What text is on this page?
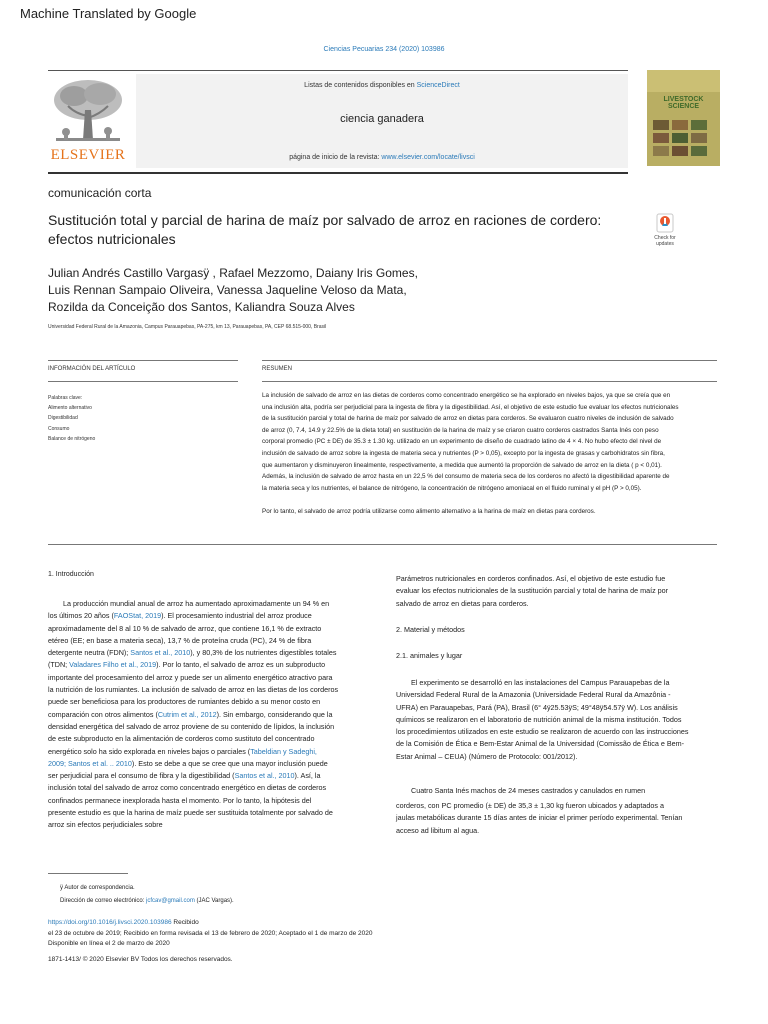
Machine Translated by Google
Ciencias Pecuarias 234 (2020) 103986
ELSEVIER
Listas de contenidos disponibles en ScienceDirect
ciencia ganadera
página de inicio de la revista: www.elsevier.com/locate/livsci
LIVESTOCK
SCIENCE
comunicación corta
Sustitución total y parcial de harina de maíz por salvado de arroz en raciones de cordero:
efectos nutricionales	Check for
updates
Julian Andrés Castillo Vargasÿ , Rafael Mezzomo, Daiany Iris Gomes,
Luis Rennan Sampaio Oliveira, Vanessa Jaqueline Veloso da Mata,
Rozilda da Conceição dos Santos, Kaliandra Souza Alves
Universidad Federal Rural de la Amazonia, Campus Parauapebas, PA-275, km 13, Parauapebas, PA, CEP 68.515-000, Brasil
INFORMACIÓN DEL ARTÍCULO	RESUMEN
Palabras clave:
Alimento alternativo
Digestibilidad
Consumo
Balance de nitrógeno

La inclusión de salvado de arroz en las dietas de corderos como concentrado energético se ha explorado en niveles bajos, ya que se creía que en
una inclusión alta, podría ser perjudicial para la ingesta de fibra y la digestibilidad. Así, el objetivo de este estudio fue evaluar los efectos nutricionales
de la sustitución parcial y total de harina de maíz por salvado de arroz en dietas para corderos. Se evaluaron cuatro niveles de inclusión de salvado
de arroz (0, 7.4, 14.9 y 22.5% de la dieta total) en sustitución de la harina de maíz y se criaron cuatro corderos castrados Santa Inés con peso
corporal promedio (PC ± DE) de 35.3 ± 1.30 kg. utilizado en un experimento de diseño de cuadrado latino de 4 × 4. No hubo efecto del nivel de
inclusión de salvado de arroz sobre la ingesta de materia seca y nutrientes (P > 0,05), excepto por la ingesta de grasas y carbohidratos sin fibra,
que aumentaron y disminuyeron linealmente, respectivamente, a medida que aumentó la proporción de salvado de arroz en la dieta ( p < 0,01).
Además, la inclusión de salvado de arroz hasta en un 22,5 % del consumo de materia seca de los corderos no afectó la digestibilidad aparente de
la materia seca y los nutrientes, el balance de nitrógeno, la concentración de nitrógeno amoniacal en el fluido ruminal y el pH (P > 0,05).

Por lo tanto, el salvado de arroz podría utilizarse como alimento alternativo a la harina de maíz en dietas para corderos.

1. Introducción
La producción mundial anual de arroz ha aumentado aproximadamente un 94 % en
los últimos 20 años (FAOStat, 2019). El procesamiento industrial del arroz produce
aproximadamente del 8 al 10 % de salvado de arroz, que contiene 16,1 % de extracto
etéreo (EE; en base a materia seca), 13,7 % de proteína cruda (PC), 24 % de fibra
detergente neutra (FDN); Santos et al., 2010), y 80,3% de los nutrientes digestibles totales
(TDN; Valadares Filho et al., 2019). Por lo tanto, el salvado de arroz es un subproducto
importante del procesamiento del arroz y puede ser un alimento energético atractivo para
la nutrición de los rumiantes. La inclusión de salvado de arroz en las dietas de los corderos
puede ser beneficiosa para los productores de rumiantes debido a su menor costo en
comparación con otros alimentos (Cutrim et al., 2012). Sin embargo, considerando que la
densidad energética del salvado de arroz proviene de su contenido de lípidos, la inclusión
de este subproducto en la alimentación de corderos como sustituto del concentrado
energético solo ha sido explorada en niveles bajos o parciales (Tabeldian y Sadeghi,
2009; Santos et al. .. 2010). Esto se debe a que se cree que una mayor inclusión puede
ser perjudicial para el consumo de fibra y la digestibilidad (Santos et al., 2010). Así, la
inclusión total del salvado de arroz como concentrado energético en dietas de corderos
confinados permanece inexplorada hasta el momento. Por lo tanto, la hipótesis del
presente estudio es que la harina de maíz puede ser sustituida totalmente por salvado de
arroz sin efectos perjudiciales sobre
Parámetros nutricionales en corderos confinados. Así, el objetivo de este estudio fue
evaluar los efectos nutricionales de la sustitución parcial y total de harina de maíz por
salvado de arroz en dietas para corderos.
2. Material y métodos
2.1. animales y lugar
El experimento se desarrolló en las instalaciones del Campus Parauapebas de la
Universidad Federal Rural de la Amazonia (Universidade Federal Rural da Amazônia -
UFRA) en Parauapebas, Pará (PA), Brasil (6° 4ÿ25.53ÿS; 49°48ÿ54.57ÿ W). Los análisis
químicos se realizaron en el laboratorio de nutrición animal de la misma institución. Todos
los procedimientos utilizados en este estudio se realizaron de acuerdo con las instrucciones
de la Comisión de Ética e Bem-Estar Animal de la Universidad (Comissão de Ética e Bem-
Estar Animal – CEUA) (Número de Protocolo: 001/2012).
Cuatro Santa Inés machos de 24 meses castrados y canulados en rumen
corderos, con PC promedio (± DE) de 35,3 ± 1,30 kg fueron ubicados y adaptados a
jaulas metabólicas durante 15 días antes de iniciar el primer período experimental. Tenían
acceso ad libitum al agua.
ÿ Autor de correspondencia.
Dirección de correo electrónico: jcfcav@gmail.com (JAC Vargas).
https://doi.org/10.1016/j.livsci.2020.103986 Recibido
el 23 de octubre de 2019; Recibido en forma revisada el 13 de febrero de 2020; Aceptado el 1 de marzo de 2020
Disponible en línea el 2 de marzo de 2020
1871-1413/ © 2020 Elsevier BV Todos los derechos reservados.
